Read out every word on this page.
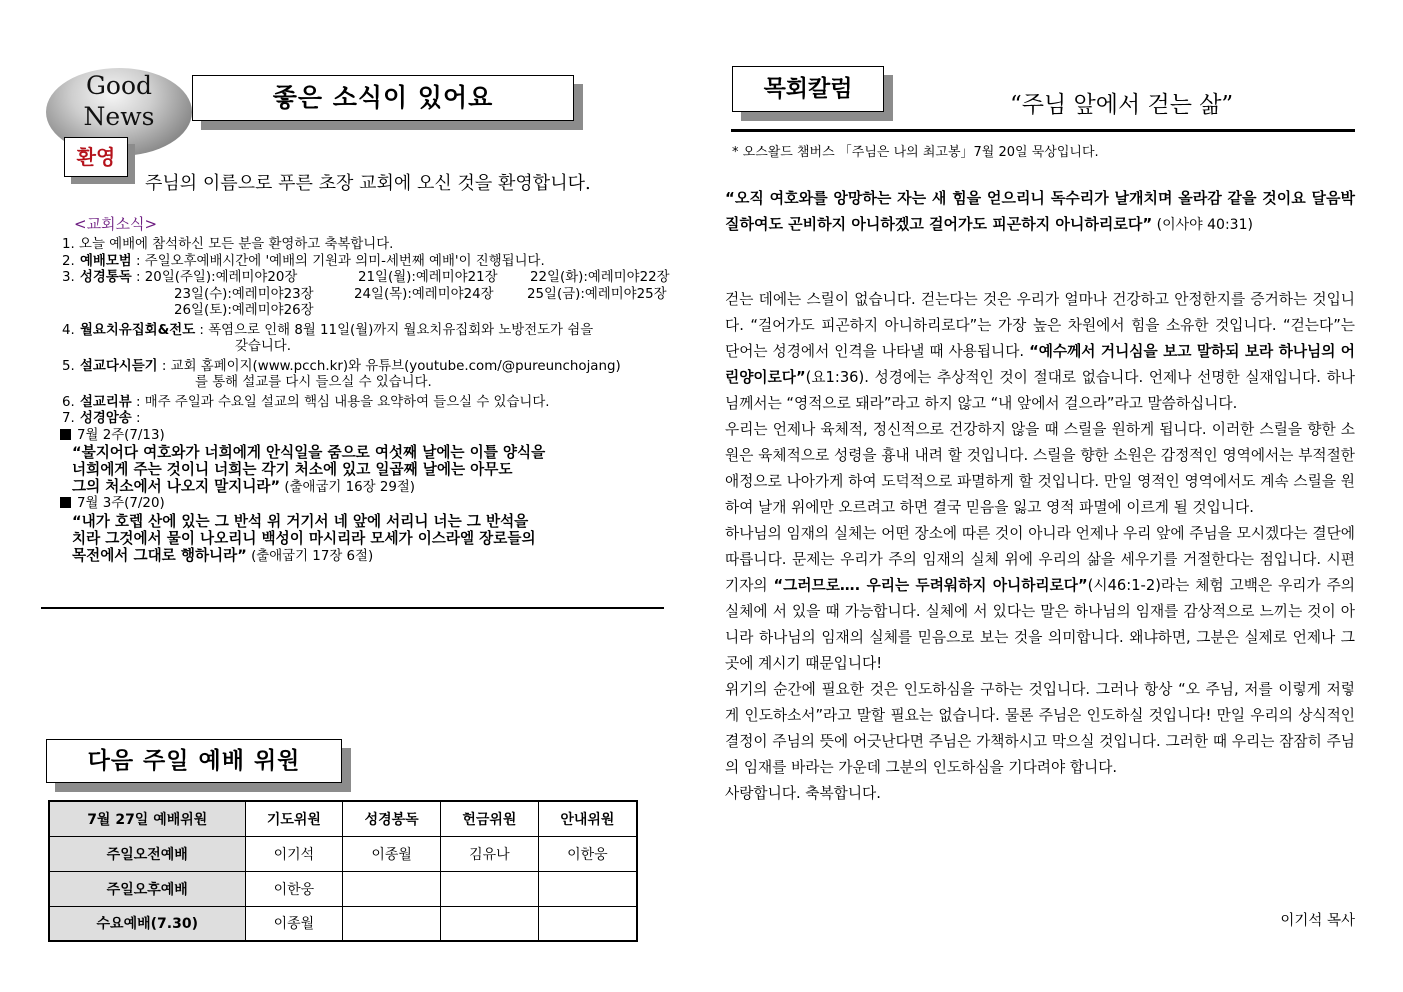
Good
News
좋은 소식이 있어요
환영
주님의 이름으로 푸른 초장 교회에 오신 것을 환영합니다.
<교회소식>
1. 오늘 예배에 참석하신 모든 분을 환영하고 축복합니다.
2. 예배모범 : 주일오후예배시간에 '예배의 기원과 의미-세번째 예배'이 진행됩니다.
3. 성경통독 : 20일(주일):예레미야20장	21일(월):예레미야21장 22일(화):예레미야22장
23일(수):예레미야23장	24일(목):예레미야24장 25일(금):예레미야25장
26일(토):예레미야26장
4. 월요치유집회&전도 : 폭염으로 인해 8월 11일(월)까지 월요치유집회와 노방전도가 쉼을
갖습니다.
5. 설교다시듣기 : 교회 홈페이지(www.pcch.kr)와 유튜브(youtube.com/@pureunchojang)
를 통해 설교를 다시 들으실 수 있습니다.
6. 설교리뷰 : 매주 주일과 수요일 설교의 핵심 내용을 요약하여 들으실 수 있습니다.
7. 성경암송 :
7월 2주(7/13)
“불지어다 여호와가 너희에게 안식일을 줌으로 여섯째 날에는 이틀 양식을
너희에게 주는 것이니 너희는 각기 처소에 있고 일곱째 날에는 아무도
그의 처소에서 나오지 말지니라” (출애굽기 16장 29절)
7월 3주(7/20)
“내가 호렙 산에 있는 그 반석 위 거기서 네 앞에 서리니 너는 그 반석을
치라 그것에서 물이 나오리니 백성이 마시리라 모세가 이스라엘 장로들의
목전에서 그대로 행하니라” (출애굽기 17장 6절)
다음 주일 예배 위원
7월 27일 예배위원	기도위원	성경봉독	헌금위원	안내위원
주일오전예배	이기석	이종월	김유나	이한웅
주일오후예배	이한웅			
수요예배(7.30)	이종월			
목회칼럼
“주님 앞에서 걷는 삶”
* 오스왈드 챔버스 「주님은 나의 최고봉」7월 20일 묵상입니다.
“오직 여호와를 앙망하는 자는 새 힘을 얻으리니 독수리가 날개치며 올라감 같을 것이요 달음박질하여도 곤비하지 아니하겠고 걸어가도 피곤하지 아니하리로다” (이사야 40:31)

걷는 데에는 스릴이 없습니다. 걷는다는 것은 우리가 얼마나 건강하고 안정한지를 증거하는 것입니다. “걸어가도 피곤하지 아니하리로다”는 가장 높은 차원에서 힘을 소유한 것입니다. “걷는다”는 단어는 성경에서 인격을 나타낼 때 사용됩니다. “예수께서 거니심을 보고 말하되 보라 하나님의 어린양이로다”(요1:36). 성경에는 추상적인 것이 절대로 없습니다. 언제나 선명한 실재입니다. 하나님께서는 “영적으로 돼라”라고 하지 않고 “내 앞에서 걸으라”라고 말씀하십니다.

우리는 언제나 육체적, 정신적으로 건강하지 않을 때 스릴을 원하게 됩니다. 이러한 스릴을 향한 소원은 육체적으로 성령을 흉내 내려 할 것입니다. 스릴을 향한 소원은 감정적인 영역에서는 부적절한 애정으로 나아가게 하여 도덕적으로 파멸하게 할 것입니다. 만일 영적인 영역에서도 계속 스릴을 원하여 날개 위에만 오르려고 하면 결국 믿음을 잃고 영적 파멸에 이르게 될 것입니다.

하나님의 임재의 실체는 어떤 장소에 따른 것이 아니라 언제나 우리 앞에 주님을 모시겠다는 결단에 따릅니다. 문제는 우리가 주의 임재의 실체 위에 우리의 삶을 세우기를 거절한다는 점입니다. 시편 기자의 “그러므로…. 우리는 두려워하지 아니하리로다”(시46:1-2)라는 체험 고백은 우리가 주의 실체에 서 있을 때 가능합니다. 실체에 서 있다는 말은 하나님의 임재를 감상적으로 느끼는 것이 아니라 하나님의 임재의 실체를 믿음으로 보는 것을 의미합니다. 왜냐하면, 그분은 실제로 언제나 그곳에 계시기 때문입니다!

위기의 순간에 필요한 것은 인도하심을 구하는 것입니다. 그러나 항상 “오 주님, 저를 이렇게 저렇게 인도하소서”라고 말할 필요는 없습니다. 물론 주님은 인도하실 것입니다! 만일 우리의 상식적인 결정이 주님의 뜻에 어긋난다면 주님은 가책하시고 막으실 것입니다. 그러한 때 우리는 잠잠히 주님의 임재를 바라는 가운데 그분의 인도하심을 기다려야 합니다.

사랑합니다. 축복합니다.

이기석 목사
